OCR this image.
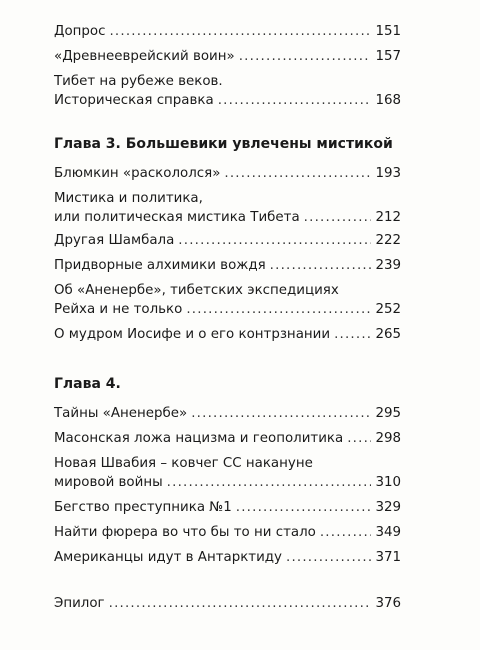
Допрос .....	151
«Древнееврейский воин» .....	157
Тибет на рубеже веков.
Историческая справка .....	168
Глава 3. Большевики увлечены мистикой
Блюмкин «раскололся» .....	193
Мистика и политика,
или политическая мистика Тибета .....	212
Другая Шамбала .....	222
Придворные алхимики вождя .....	239
Об «Аненербе», тибетских экспедициях
Рейха и не только .....	252
О мудром Иосифе и о его контрзнании .....	265
Глава 4.
Тайны «Аненербе» .....	295
Масонская ложа нацизма и геополитика ..... 298
Новая Швабия – ковчег СС накануне
мировой войны .....	310
Бегство преступника №1 .....	329
Найти фюрера во что бы то ни стало .....	349
Американцы идут в Антарктиду .....	371
Эпилог .....	376
